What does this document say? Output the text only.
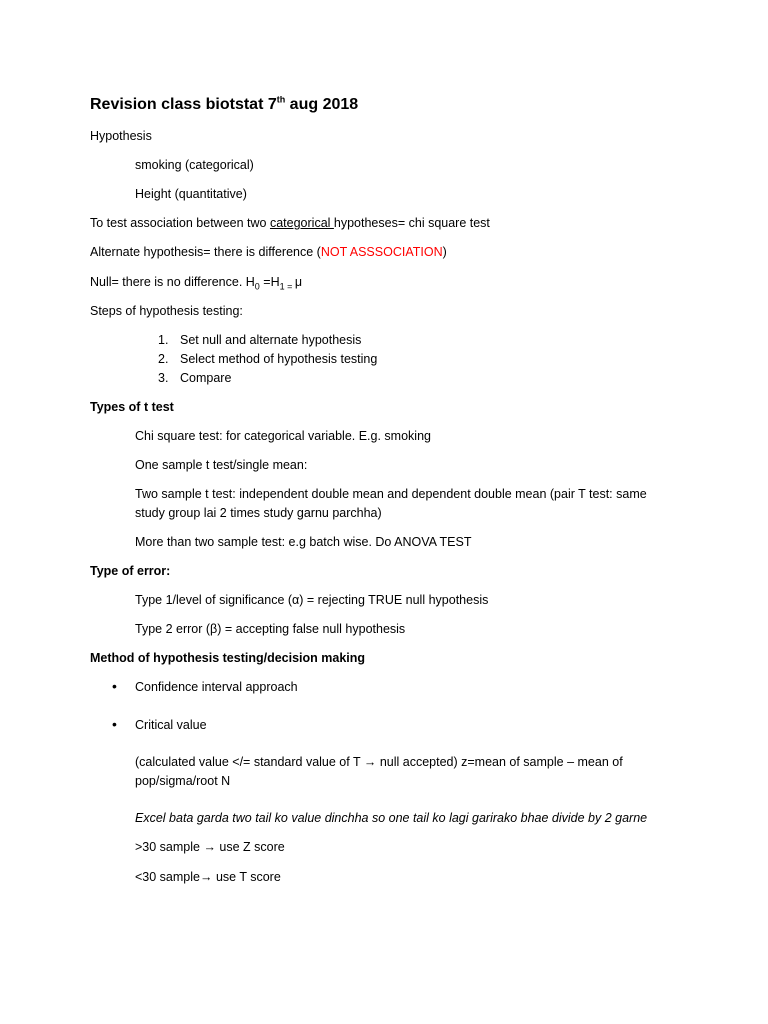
Revision class biotstat 7th aug 2018
Hypothesis
smoking (categorical)
Height (quantitative)
To test association between two categorical hypotheses= chi square test
Alternate hypothesis= there is difference (NOT ASSSOCIATION)
Null= there is no difference. $H_0 =H_{1 =}$ μ
Steps of hypothesis testing:
1. Set null and alternate hypothesis
2. Select method of hypothesis testing
3. Compare
Types of t test
Chi square test: for categorical variable. E.g. smoking
One sample t test/single mean:
Two sample t test: independent double mean and dependent double mean (pair T test: same
study group lai 2 times study garnu parchha)
More than two sample test: e.g batch wise. Do ANOVA TEST
Type of error:
Type 1/level of significance (α) = rejecting TRUE null hypothesis
Type 2 error (β) = accepting false null hypothesis
Method of hypothesis testing/decision making
• Confidence interval approach
• Critical value
(calculated value </= standard value of T → null accepted) z=mean of sample – mean of
pop/sigma/root N
Excel bata garda two tail ko value dinchha so one tail ko lagi garirako bhae divide by 2 garne
>30 sample → use Z score
<30 sample→ use T score
